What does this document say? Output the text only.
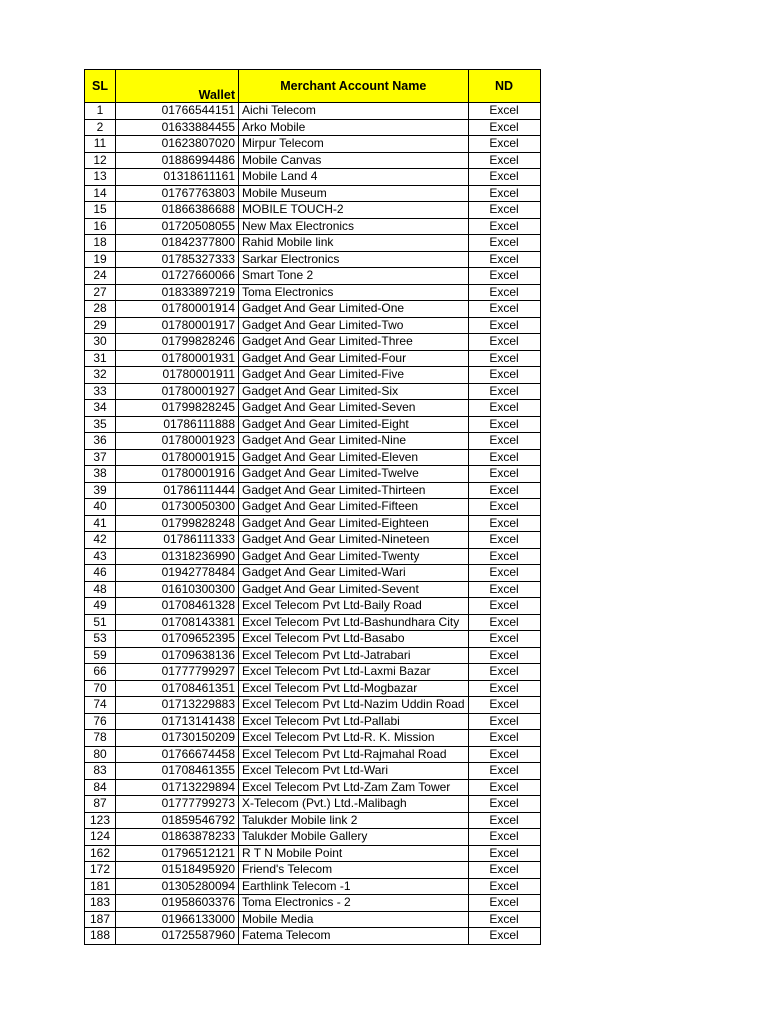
SL	Wallet	Merchant Account Name	ND
1	01766544151	Aichi Telecom	Excel
2	01633884455	Arko Mobile	Excel
11	01623807020	Mirpur Telecom	Excel
12	01886994486	Mobile Canvas	Excel
13	01318611161	Mobile Land 4	Excel
14	01767763803	Mobile Museum	Excel
15	01866386688	MOBILE TOUCH-2	Excel
16	01720508055	New Max Electronics	Excel
18	01842377800	Rahid Mobile link	Excel
19	01785327333	Sarkar Electronics	Excel
24	01727660066	Smart Tone 2	Excel
27	01833897219	Toma Electronics	Excel
28	01780001914	Gadget And Gear Limited-One	Excel
29	01780001917	Gadget And Gear Limited-Two	Excel
30	01799828246	Gadget And Gear Limited-Three	Excel
31	01780001931	Gadget And Gear Limited-Four	Excel
32	01780001911	Gadget And Gear Limited-Five	Excel
33	01780001927	Gadget And Gear Limited-Six	Excel
34	01799828245	Gadget And Gear Limited-Seven	Excel
35	01786111888	Gadget And Gear Limited-Eight	Excel
36	01780001923	Gadget And Gear Limited-Nine	Excel
37	01780001915	Gadget And Gear Limited-Eleven	Excel
38	01780001916	Gadget And Gear Limited-Twelve	Excel
39	01786111444	Gadget And Gear Limited-Thirteen	Excel
40	01730050300	Gadget And Gear Limited-Fifteen	Excel
41	01799828248	Gadget And Gear Limited-Eighteen	Excel
42	01786111333	Gadget And Gear Limited-Nineteen	Excel
43	01318236990	Gadget And Gear Limited-Twenty	Excel
46	01942778484	Gadget And Gear Limited-Wari	Excel
48	01610300300	Gadget And Gear Limited-Sevent	Excel
49	01708461328	Excel Telecom Pvt Ltd-Baily Road	Excel
51	01708143381	Excel Telecom Pvt Ltd-Bashundhara City	Excel
53	01709652395	Excel Telecom Pvt Ltd-Basabo	Excel
59	01709638136	Excel Telecom Pvt Ltd-Jatrabari	Excel
66	01777799297	Excel Telecom Pvt Ltd-Laxmi Bazar	Excel
70	01708461351	Excel Telecom Pvt Ltd-Mogbazar	Excel
74	01713229883	Excel Telecom Pvt Ltd-Nazim Uddin Road	Excel
76	01713141438	Excel Telecom Pvt Ltd-Pallabi	Excel
78	01730150209	Excel Telecom Pvt Ltd-R. K. Mission	Excel
80	01766674458	Excel Telecom Pvt Ltd-Rajmahal Road	Excel
83	01708461355	Excel Telecom Pvt Ltd-Wari	Excel
84	01713229894	Excel Telecom Pvt Ltd-Zam Zam Tower	Excel
87	01777799273	X-Telecom (Pvt.) Ltd.-Malibagh	Excel
123	01859546792	Talukder Mobile link 2	Excel
124	01863878233	Talukder Mobile Gallery	Excel
162	01796512121	R T N Mobile Point	Excel
172	01518495920	Friend's Telecom	Excel
181	01305280094	Earthlink Telecom -1	Excel
183	01958603376	Toma Electronics - 2	Excel
187	01966133000	Mobile Media	Excel
188	01725587960	Fatema Telecom	Excel
